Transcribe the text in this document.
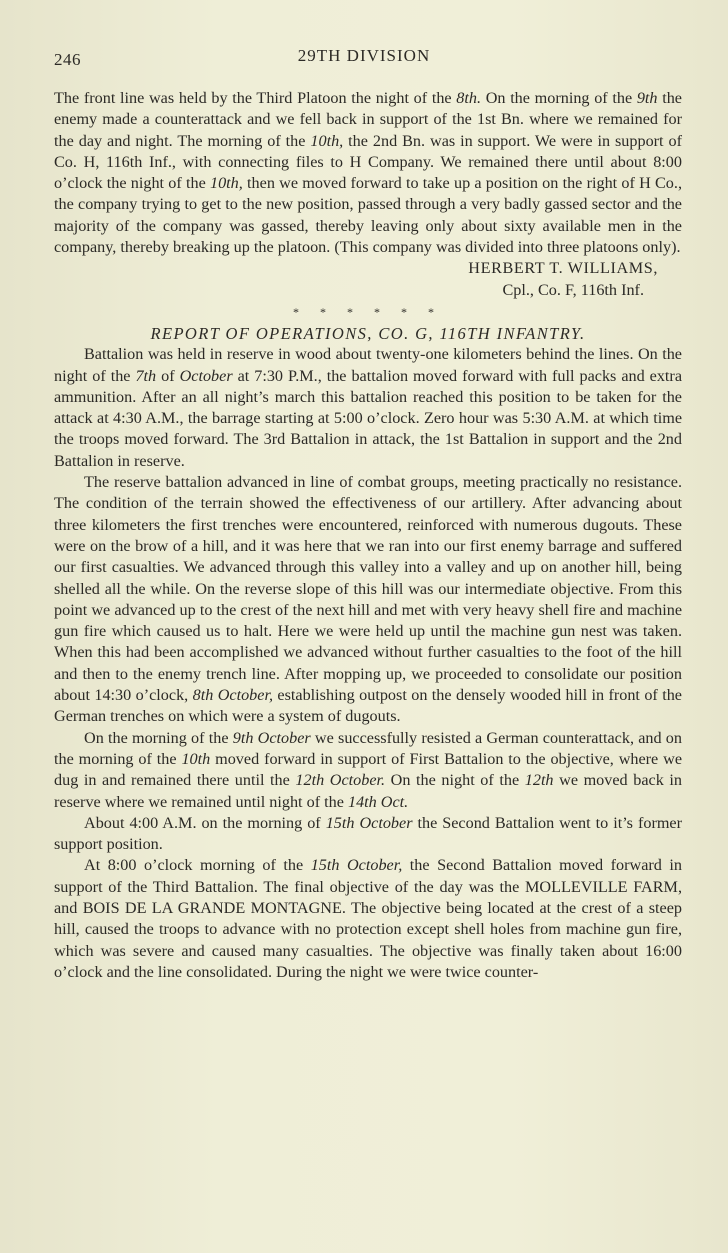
246	29TH DIVISION

The front line was held by the Third Platoon the night of the 8th. On the morning of the 9th the enemy made a counterattack and we fell back in support of the 1st Bn. where we remained for the day and night. The morning of the 10th, the 2nd Bn. was in support. We were in support of Co. H, 116th Inf., with connecting files to H Company. We remained there until about 8:00 o’clock the night of the 10th, then we moved forward to take up a position on the right of H Co., the company trying to get to the new position, passed through a very badly gassed sector and the majority of the company was gassed, thereby leaving only about sixty available men in the company, thereby breaking up the platoon. (This company was divided into three platoons only).

HERBERT T. WILLIAMS,
Cpl., Co. F, 116th Inf.

* * * * * *

REPORT OF OPERATIONS, CO. G, 116TH INFANTRY.

Battalion was held in reserve in wood about twenty-one kilometers behind the lines. On the night of the 7th of October at 7:30 P.M., the battalion moved forward with full packs and extra ammunition. After an all night’s march this battalion reached this position to be taken for the attack at 4:30 A.M., the barrage starting at 5:00 o’clock. Zero hour was 5:30 A.M. at which time the troops moved forward. The 3rd Battalion in attack, the 1st Battalion in support and the 2nd Battalion in reserve.

The reserve battalion advanced in line of combat groups, meeting practically no resistance. The condition of the terrain showed the effectiveness of our artillery. After advancing about three kilometers the first trenches were encountered, reinforced with numerous dugouts. These were on the brow of a hill, and it was here that we ran into our first enemy barrage and suffered our first casualties. We advanced through this valley into a valley and up on another hill, being shelled all the while. On the reverse slope of this hill was our intermediate objective. From this point we advanced up to the crest of the next hill and met with very heavy shell fire and machine gun fire which caused us to halt. Here we were held up until the machine gun nest was taken. When this had been accomplished we advanced without further casualties to the foot of the hill and then to the enemy trench line. After mopping up, we proceeded to consolidate our position about 14:30 o’clock, 8th October, establishing outpost on the densely wooded hill in front of the German trenches on which were a system of dugouts.

On the morning of the 9th October we successfully resisted a German counterattack, and on the morning of the 10th moved forward in support of First Battalion to the objective, where we dug in and remained there until the 12th October. On the night of the 12th we moved back in reserve where we remained until night of the 14th Oct.

About 4:00 A.M. on the morning of 15th October the Second Battalion went to it’s former support position.

At 8:00 o’clock morning of the 15th October, the Second Battalion moved forward in support of the Third Battalion. The final objective of the day was the MOLLEVILLE FARM, and BOIS DE LA GRANDE MONTAGNE. The objective being located at the crest of a steep hill, caused the troops to advance with no protection except shell holes from machine gun fire, which was severe and caused many casualties. The objective was finally taken about 16:00 o’clock and the line consolidated. During the night we were twice counter-
